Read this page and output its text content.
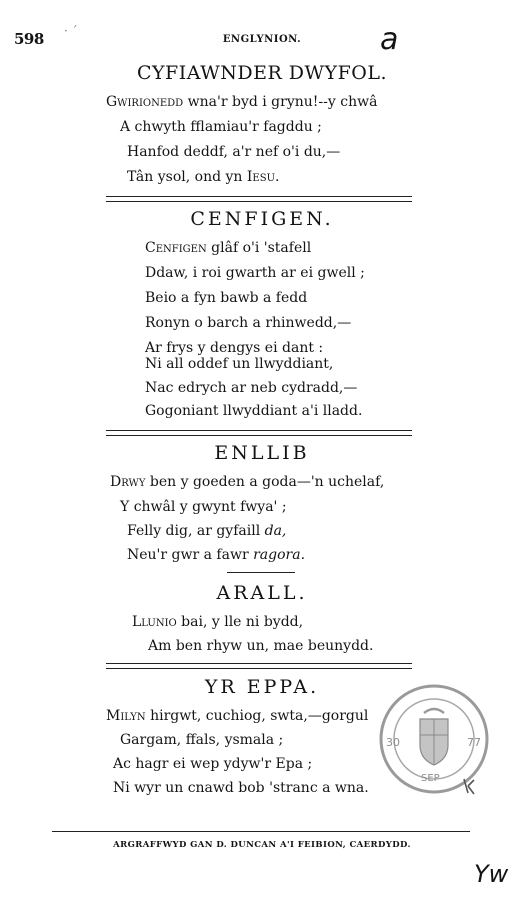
598 · ´
ENGLYNION.	a
CYFIAWNDER DWYFOL.
Gwirionedd wna'r byd i grynu!--y chwâ
A chwyth fflamiau'r fagddu ;
Hanfod deddf, a'r nef o'i du,—
Tân ysol, ond yn Iesu.
CENFIGEN.
Cenfigen glâf o'i 'stafell
Ddaw, i roi gwarth ar ei gwell ;
Beio a fyn bawb a fedd
Ronyn o barch a rhinwedd,—
Ar frys y dengys ei dant :
Ni all oddef un llwyddiant,
Nac edrych ar neb cydradd,—
Gogoniant llwyddiant a'i lladd.
ENLLIB
Drwy ben y goeden a goda—'n uchelaf,
Y chwâl y gwynt fwya' ;
Felly dig, ar gyfaill da,
Neu'r gwr a fawr ragora.
ARALL.
Llunio bai, y lle ni bydd,
Am ben rhyw un, mae beunydd.
YR EPPA.
Milyn hirgwt, cuchiog, swta,—gorgul
Gargam, ffals, ysmala ;
Ac hagr ei wep ydyw'r Epa ;
Ni wyr un cnawd bob 'stranc a wna.
30	77
SEP
ARGRAFFWYD GAN D. DUNCAN A'I FEIBION, CAERDYDD.
Yw
